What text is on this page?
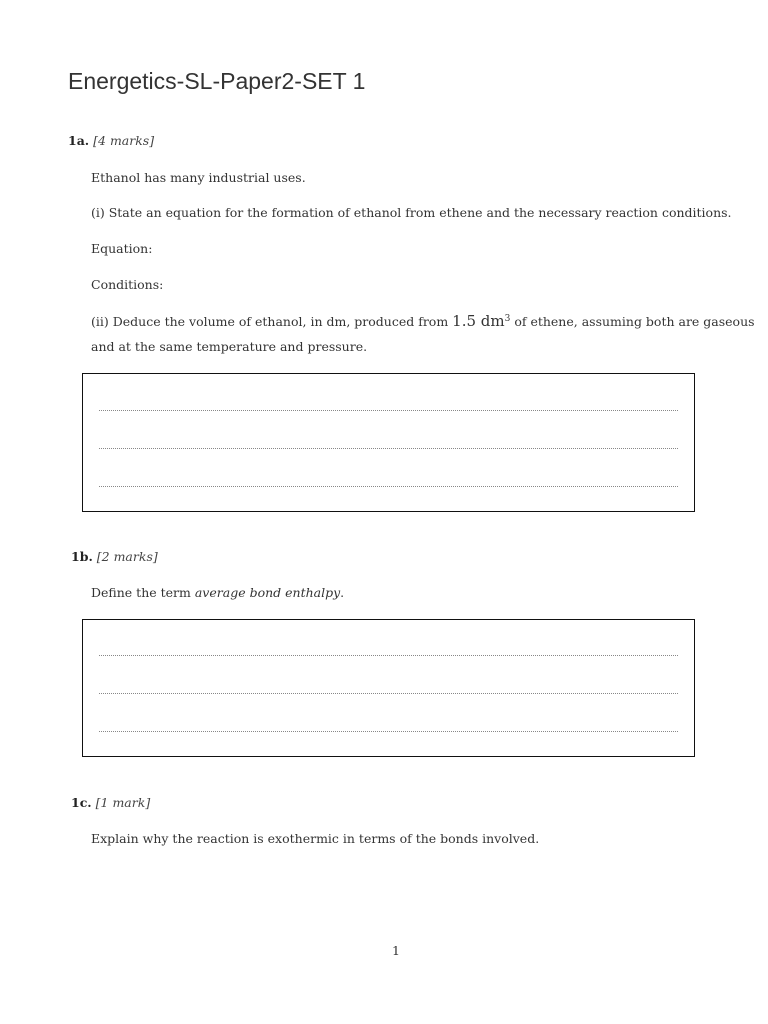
Energetics-SL-Paper2-SET 1
1a. [4 marks]
Ethanol has many industrial uses.
(i) State an equation for the formation of ethanol from ethene and the necessary reaction conditions.
Equation:
Conditions:
(ii) Deduce the volume of ethanol, in dm, produced from 1.5 $dm^3$ of ethene, assuming both are gaseous
and at the same temperature and pressure.
1b. [2 marks]
Define the term average bond enthalpy.
1c. [1 mark]
Explain why the reaction is exothermic in terms of the bonds involved.
1
